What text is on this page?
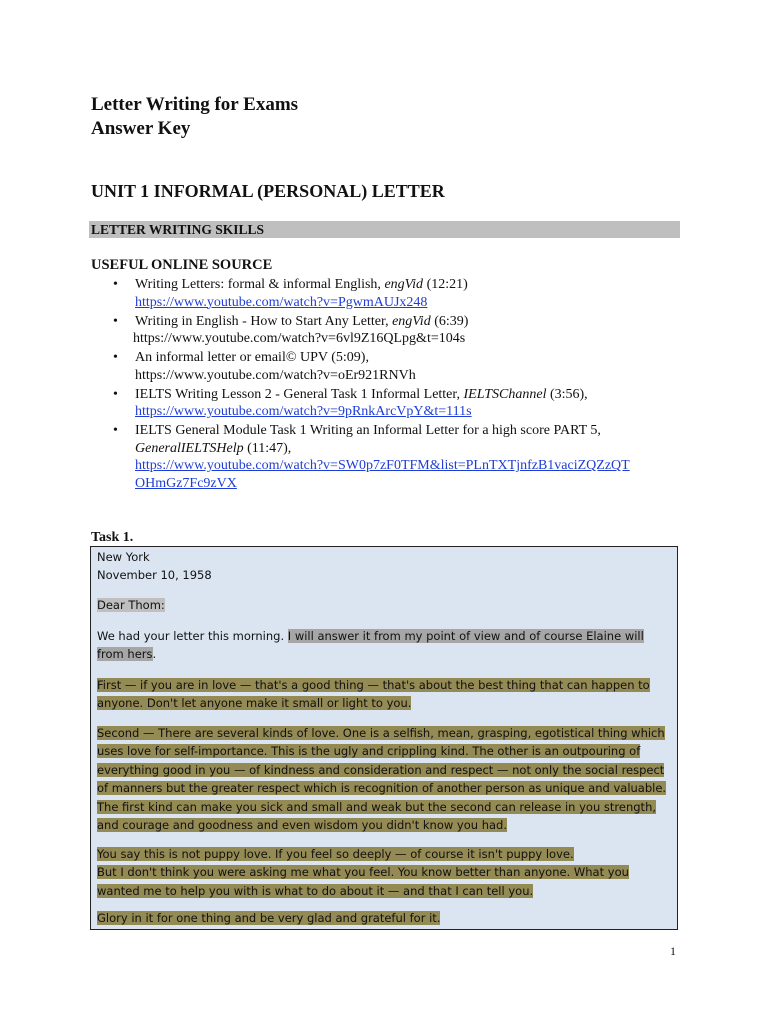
Letter Writing for Exams
Answer Key
UNIT 1 INFORMAL (PERSONAL) LETTER
LETTER WRITING SKILLS
USEFUL ONLINE SOURCE
• Writing Letters: formal & informal English, engVid (12:21)
https://www.youtube.com/watch?v=PgwmAUJx248
• Writing in English - How to Start Any Letter, engVid (6:39)
https://www.youtube.com/watch?v=6vl9Z16QLpg&t=104s
• An informal letter or email© UPV (5:09),
https://www.youtube.com/watch?v=oEr921RNVh
• IELTS Writing Lesson 2 - General Task 1 Informal Letter, IELTSChannel (3:56),
https://www.youtube.com/watch?v=9pRnkArcVpY&t=111s
• IELTS General Module Task 1 Writing an Informal Letter for a high score PART 5,
GeneralIELTSHelp (11:47),
https://www.youtube.com/watch?v=SW0p7zF0TFM&list=PLnTXTjnfzB1vaciZQZzQT
OHmGz7Fc9zVX
Task 1.
New York
November 10, 1958
Dear Thom:
We had your letter this morning. I will answer it from my point of view and of course Elaine will
from hers.
First — if you are in love — that's a good thing — that's about the best thing that can happen to
anyone. Don't let anyone make it small or light to you.
Second — There are several kinds of love. One is a selfish, mean, grasping, egotistical thing which
uses love for self-importance. This is the ugly and crippling kind. The other is an outpouring of
everything good in you — of kindness and consideration and respect — not only the social respect
of manners but the greater respect which is recognition of another person as unique and valuable.
The first kind can make you sick and small and weak but the second can release in you strength,
and courage and goodness and even wisdom you didn't know you had.
You say this is not puppy love. If you feel so deeply — of course it isn't puppy love.
But I don't think you were asking me what you feel. You know better than anyone. What you
wanted me to help you with is what to do about it — and that I can tell you.
Glory in it for one thing and be very glad and grateful for it.
1
